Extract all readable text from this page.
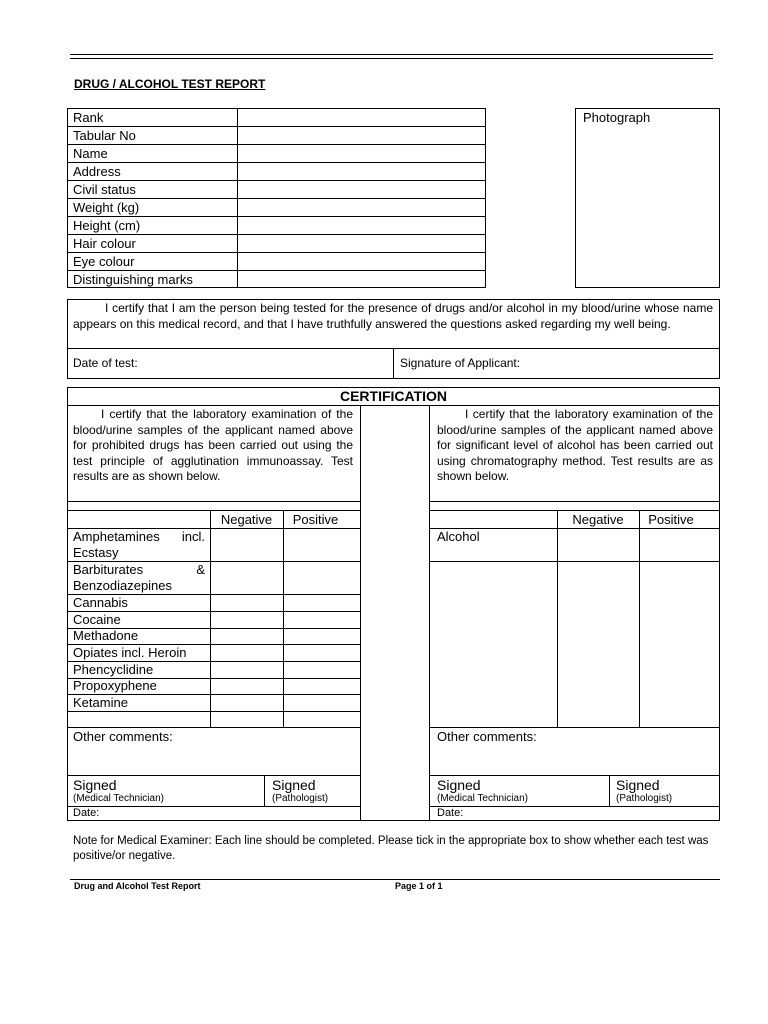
DRUG / ALCOHOL TEST REPORT
Rank
Tabular No
Name
Address
Civil status
Weight (kg)
Height (cm)
Hair colour
Eye colour
Distinguishing marks
Photograph
I certify that I am the person being tested for the presence of drugs and/or alcohol in my blood/urine whose name appears on this medical record, and that I have truthfully answered the questions asked regarding my well being.
Date of test:	Signature of Applicant:
CERTIFICATION
I certify that the laboratory examination of the blood/urine samples of the applicant named above for prohibited drugs has been carried out using the test principle of agglutination immunoassay. Test results are as shown below.
Negative	Positive
Amphetamines incl.
Ecstasy
Barbiturates &
Benzodiazepines
Cannabis
Cocaine
Methadone
Opiates incl. Heroin
Phencyclidine
Propoxyphene
Ketamine
Other comments:
Signed
(Medical Technician)
Signed
(Pathologist)
Date:
I certify that the laboratory examination of the blood/urine samples of the applicant named above for significant level of alcohol has been carried out using chromatography method. Test results are as shown below.
Negative	Positive
Alcohol
Other comments:
Signed
(Medical Technician)
Signed
(Pathologist)
Date:
Note for Medical Examiner: Each line should be completed. Please tick in the appropriate box to show whether each test was positive/or negative.
Drug and Alcohol Test Report	Page 1 of 1
